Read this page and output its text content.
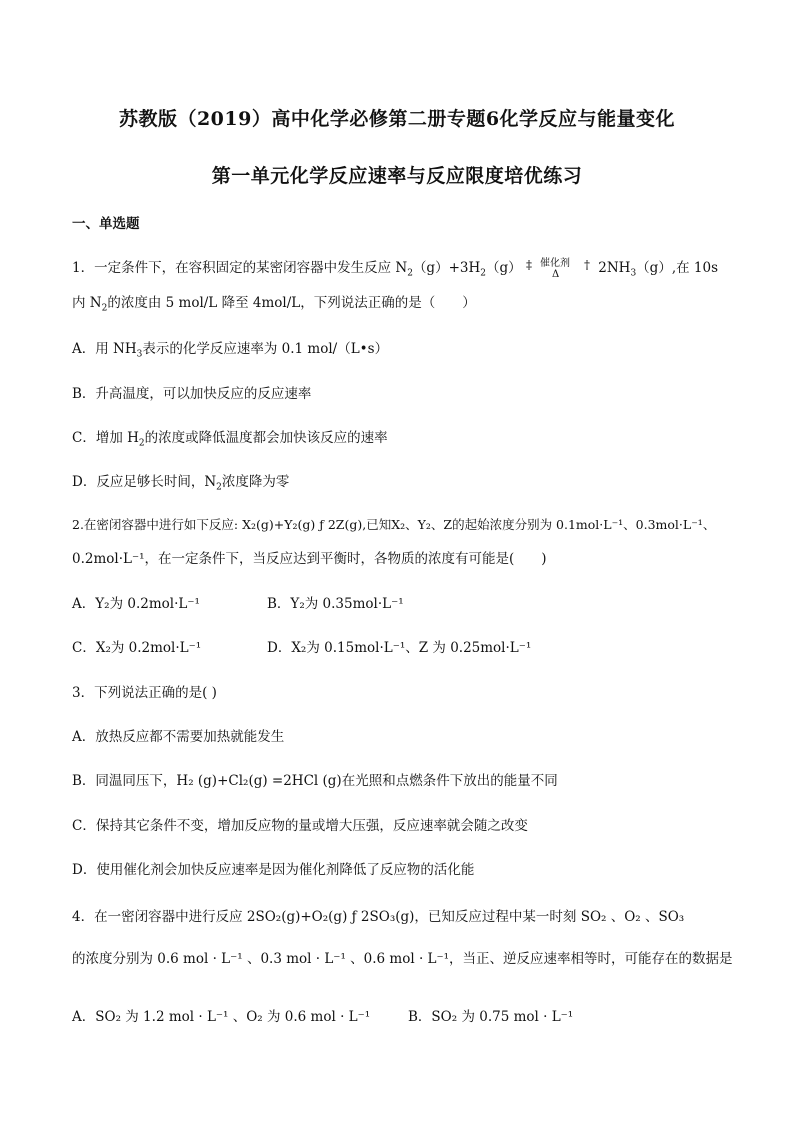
苏教版（2019）高中化学必修第二册专题6化学反应与能量变化
第一单元化学反应速率与反应限度培优练习
一、单选题
1．一定条件下，在容积固定的某密闭容器中发生反应 $N_2(g)+3H_2(g)$ ‡ 催化剂
Δ
† $2NH_3(g)$,在 10s
内 $N_2$的浓度由 5 mol/L 降至 4mol/L，下列说法正确的是（　　）
A．用 $NH_3$表示的化学反应速率为 0.1 mol/（L•s）
B．升高温度，可以加快反应的反应速率
C．增加 $H_2$的浓度或降低温度都会加快该反应的速率
D．反应足够长时间，$N_2$浓度降为零
2.在密闭容器中进行如下反应: X₂(g)+Y₂(g) ƒ 2Z(g),已知X₂、Y₂、Z的起始浓度分别为 0.1mol·L⁻¹、0.3mol·L⁻¹、
0.2mol·L⁻¹，在一定条件下，当反应达到平衡时，各物质的浓度有可能是(　　)
A．Y₂为 0.2mol·L⁻¹	B．Y₂为 0.35mol·L⁻¹
C．X₂为 0.2mol·L⁻¹	D．X₂为 0.15mol·L⁻¹、Z 为 0.25mol·L⁻¹
3．下列说法正确的是( )
A．放热反应都不需要加热就能发生
B．同温同压下，H₂ (g)+Cl₂(g) =2HCl (g)在光照和点燃条件下放出的能量不同
C．保持其它条件不变，增加反应物的量或增大压强，反应速率就会随之改变
D．使用催化剂会加快反应速率是因为催化剂降低了反应物的活化能
4．在一密闭容器中进行反应 2SO₂(g)+O₂(g) ƒ 2SO₃(g)，已知反应过程中某一时刻 SO₂ 、O₂ 、SO₃
的浓度分别为 0.6 mol · L⁻¹ 、0.3 mol · L⁻¹ 、0.6 mol · L⁻¹，当正、逆反应速率相等时，可能存在的数据是
A．SO₂ 为 1.2 mol · L⁻¹ 、O₂ 为 0.6 mol · L⁻¹	B．SO₂ 为 0.75 mol · L⁻¹
